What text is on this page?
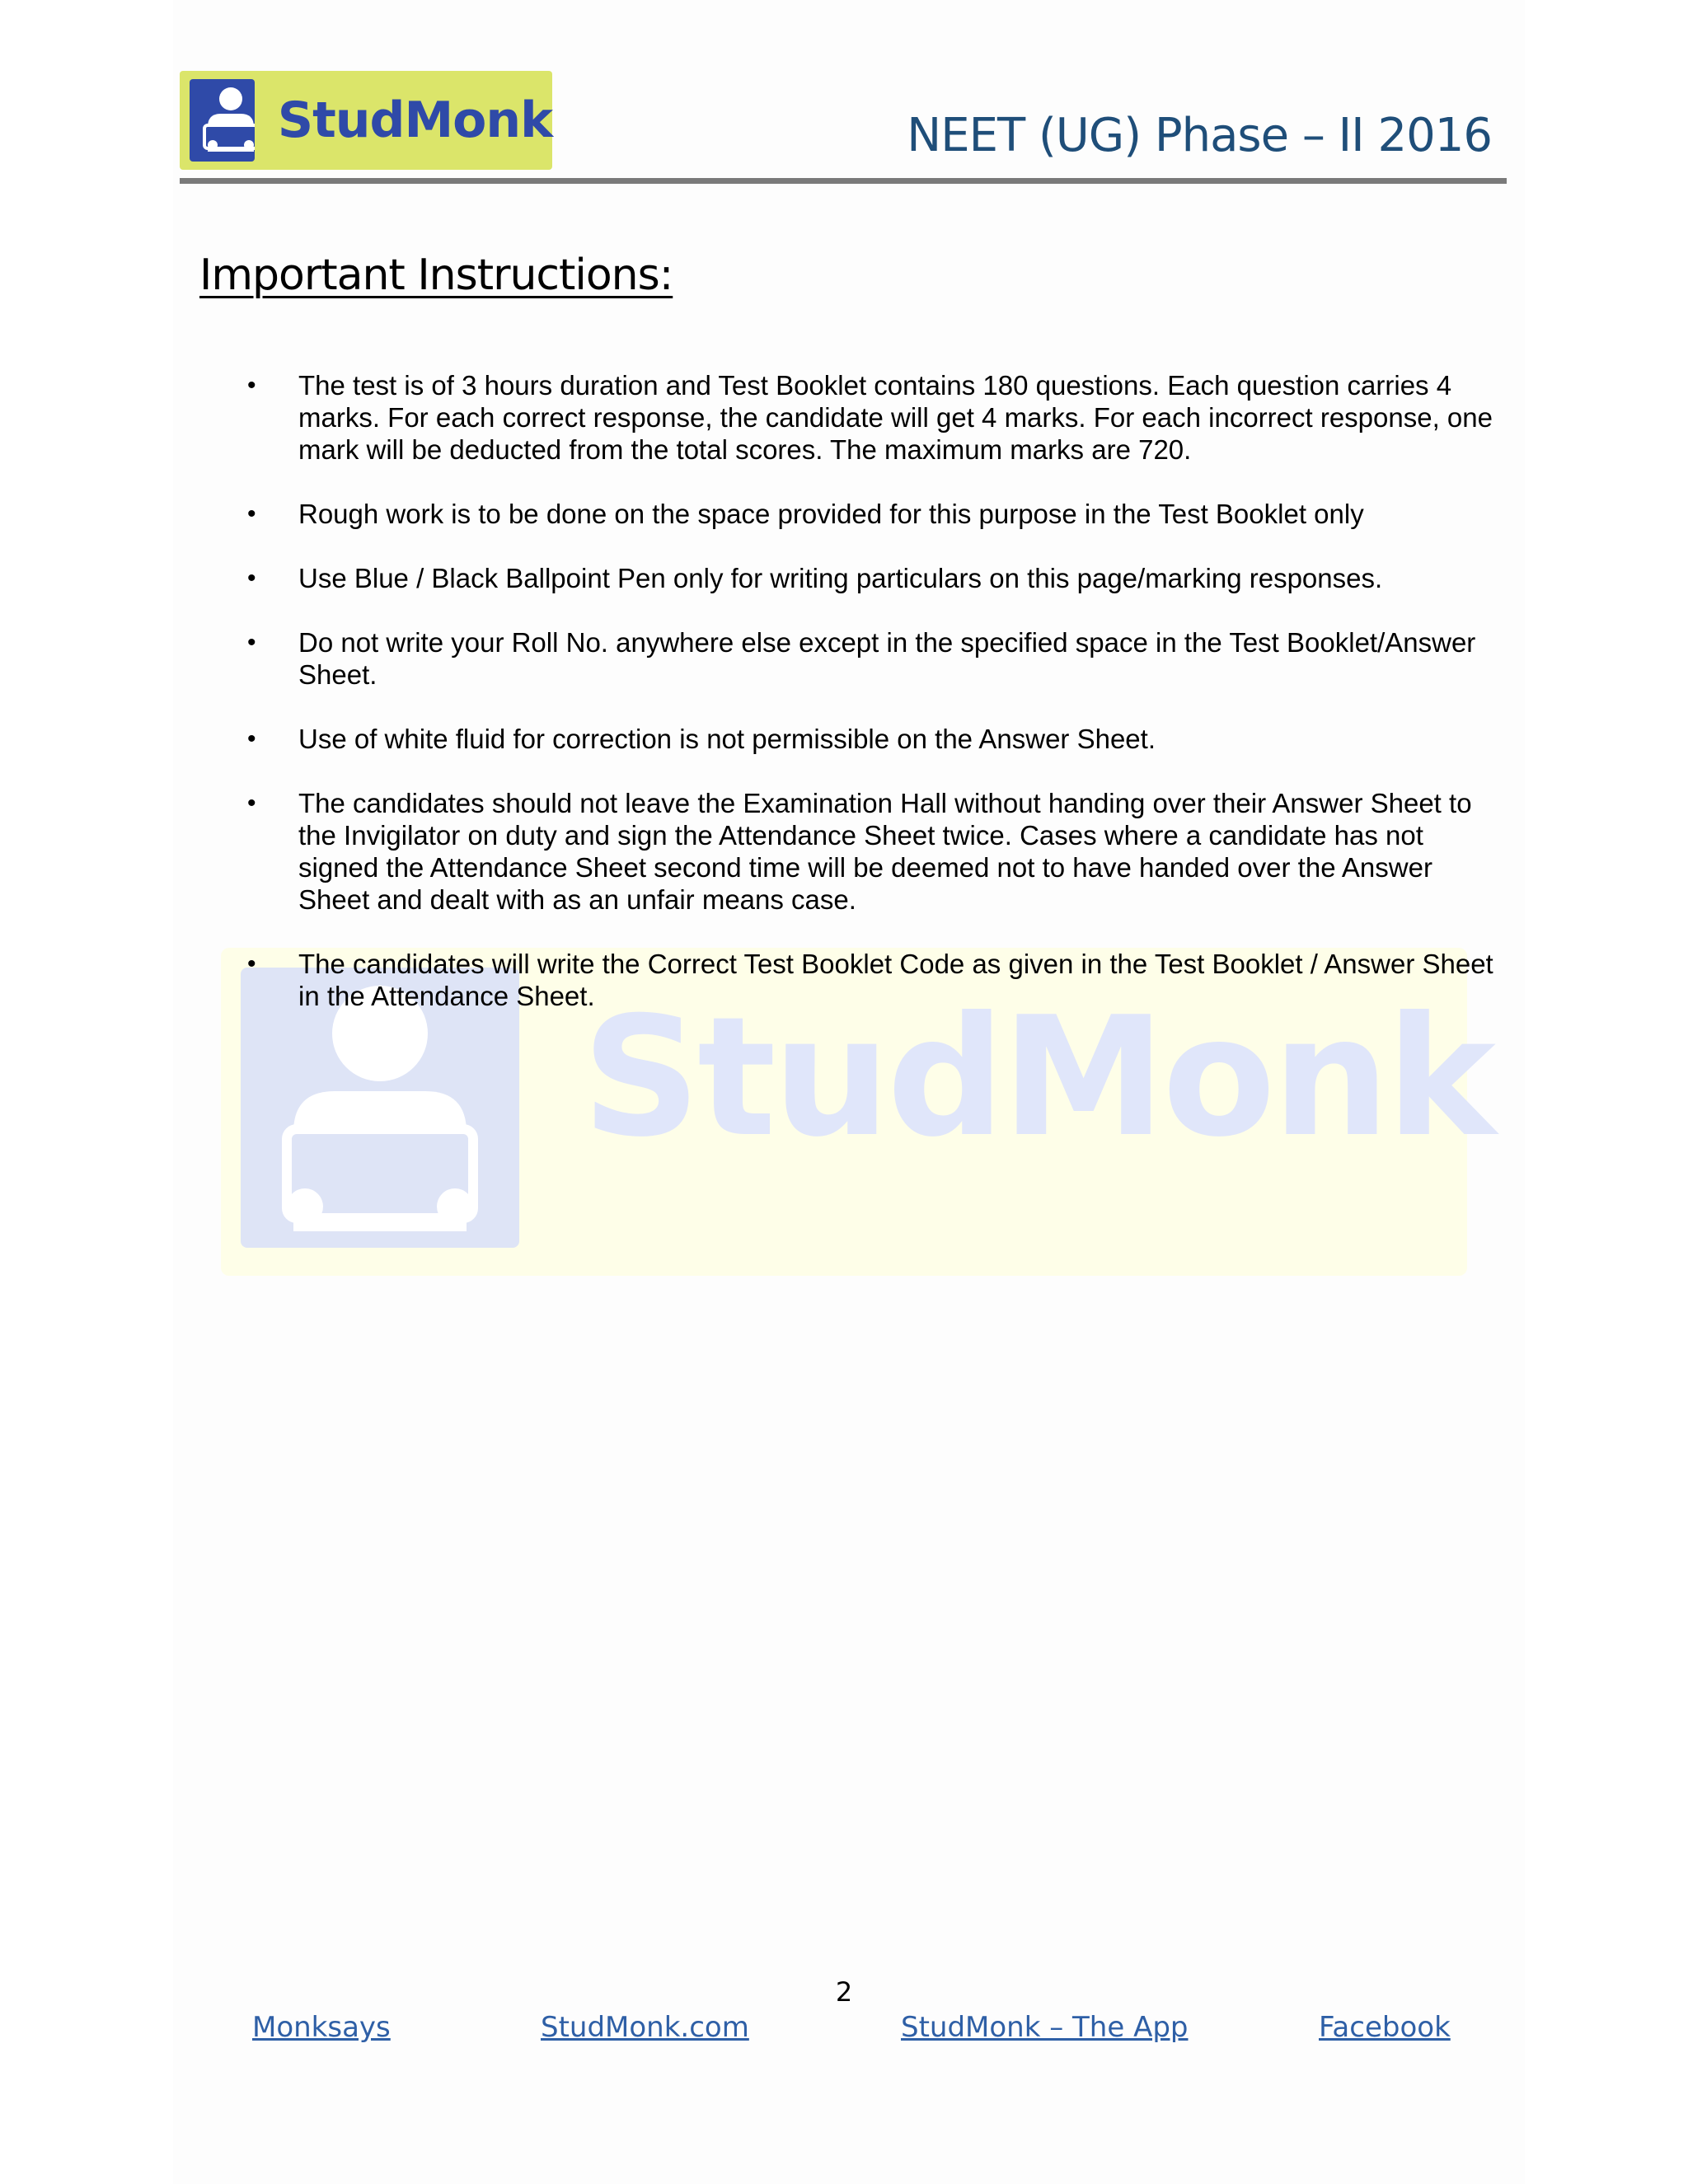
StudMonk	NEET (UG) Phase – II 2016
Important Instructions:
StudMonk
• The test is of 3 hours duration and Test Booklet contains 180 questions. Each question carries 4 marks. For each correct response, the candidate will get 4 marks. For each incorrect response, one mark will be deducted from the total scores. The maximum marks are 720.
• Rough work is to be done on the space provided for this purpose in the Test Booklet only
• Use Blue / Black Ballpoint Pen only for writing particulars on this page/marking responses.
• Do not write your Roll No. anywhere else except in the specified space in the Test Booklet/Answer Sheet.
• Use of white fluid for correction is not permissible on the Answer Sheet.
• The candidates should not leave the Examination Hall without handing over their Answer Sheet to the Invigilator on duty and sign the Attendance Sheet twice. Cases where a candidate has not signed the Attendance Sheet second time will be deemed not to have handed over the Answer Sheet and dealt with as an unfair means case.
• The candidates will write the Correct Test Booklet Code as given in the Test Booklet / Answer Sheet in the Attendance Sheet.
2
Monksays	StudMonk.com	StudMonk – The App	Facebook
